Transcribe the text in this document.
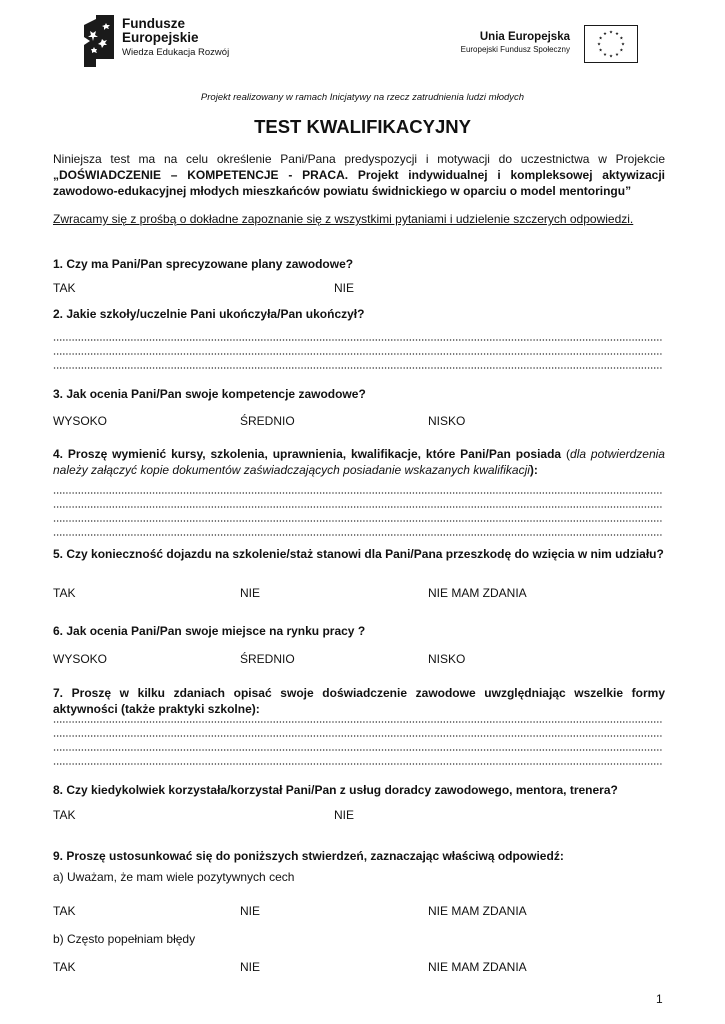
Fundusze
Europejskie
Wiedza Edukacja Rozwój
Unia Europejska
Europejski Fundusz Społeczny
Projekt realizowany w ramach Inicjatywy na rzecz zatrudnienia ludzi młodych
TEST KWALIFIKACYJNY
Niniejsza test ma na celu określenie Pani/Pana predyspozycji i motywacji do uczestnictwa w Projekcie „DOŚWIADCZENIE – KOMPETENCJE - PRACA. Projekt indywidualnej i kompleksowej aktywizacji zawodowo-edukacyjnej młodych mieszkańców powiatu świdnickiego w oparciu o model mentoringu”
Zwracamy się z prośbą o dokładne zapoznanie się z wszystkimi pytaniami i udzielenie szczerych odpowiedzi.
1. Czy ma Pani/Pan sprecyzowane plany zawodowe?
TAK	NIE
2. Jakie szkoły/uczelnie Pani ukończyła/Pan ukończył?
3. Jak ocenia Pani/Pan swoje kompetencje zawodowe?
WYSOKO	ŚREDNIO	NISKO
4. Proszę wymienić kursy, szkolenia, uprawnienia, kwalifikacje, które Pani/Pan posiada (dla potwierdzenia należy załączyć kopie dokumentów zaświadczających posiadanie wskazanych kwalifikacji):
5. Czy konieczność dojazdu na szkolenie/staż stanowi dla Pani/Pana przeszkodę do wzięcia w nim udziału?
TAK	NIE	NIE MAM ZDANIA
6. Jak ocenia Pani/Pan swoje miejsce na rynku pracy ?
WYSOKO	ŚREDNIO	NISKO
7. Proszę w kilku zdaniach opisać swoje doświadczenie zawodowe uwzględniając wszelkie formy aktywności (także praktyki szkolne):
8. Czy kiedykolwiek korzystała/korzystał Pani/Pan z usług doradcy zawodowego, mentora, trenera?
TAK	NIE
9. Proszę ustosunkować się do poniższych stwierdzeń, zaznaczając właściwą odpowiedź:
a) Uważam, że mam wiele pozytywnych cech
TAK	NIE	NIE MAM ZDANIA
b) Często popełniam błędy
TAK	NIE	NIE MAM ZDANIA
1
